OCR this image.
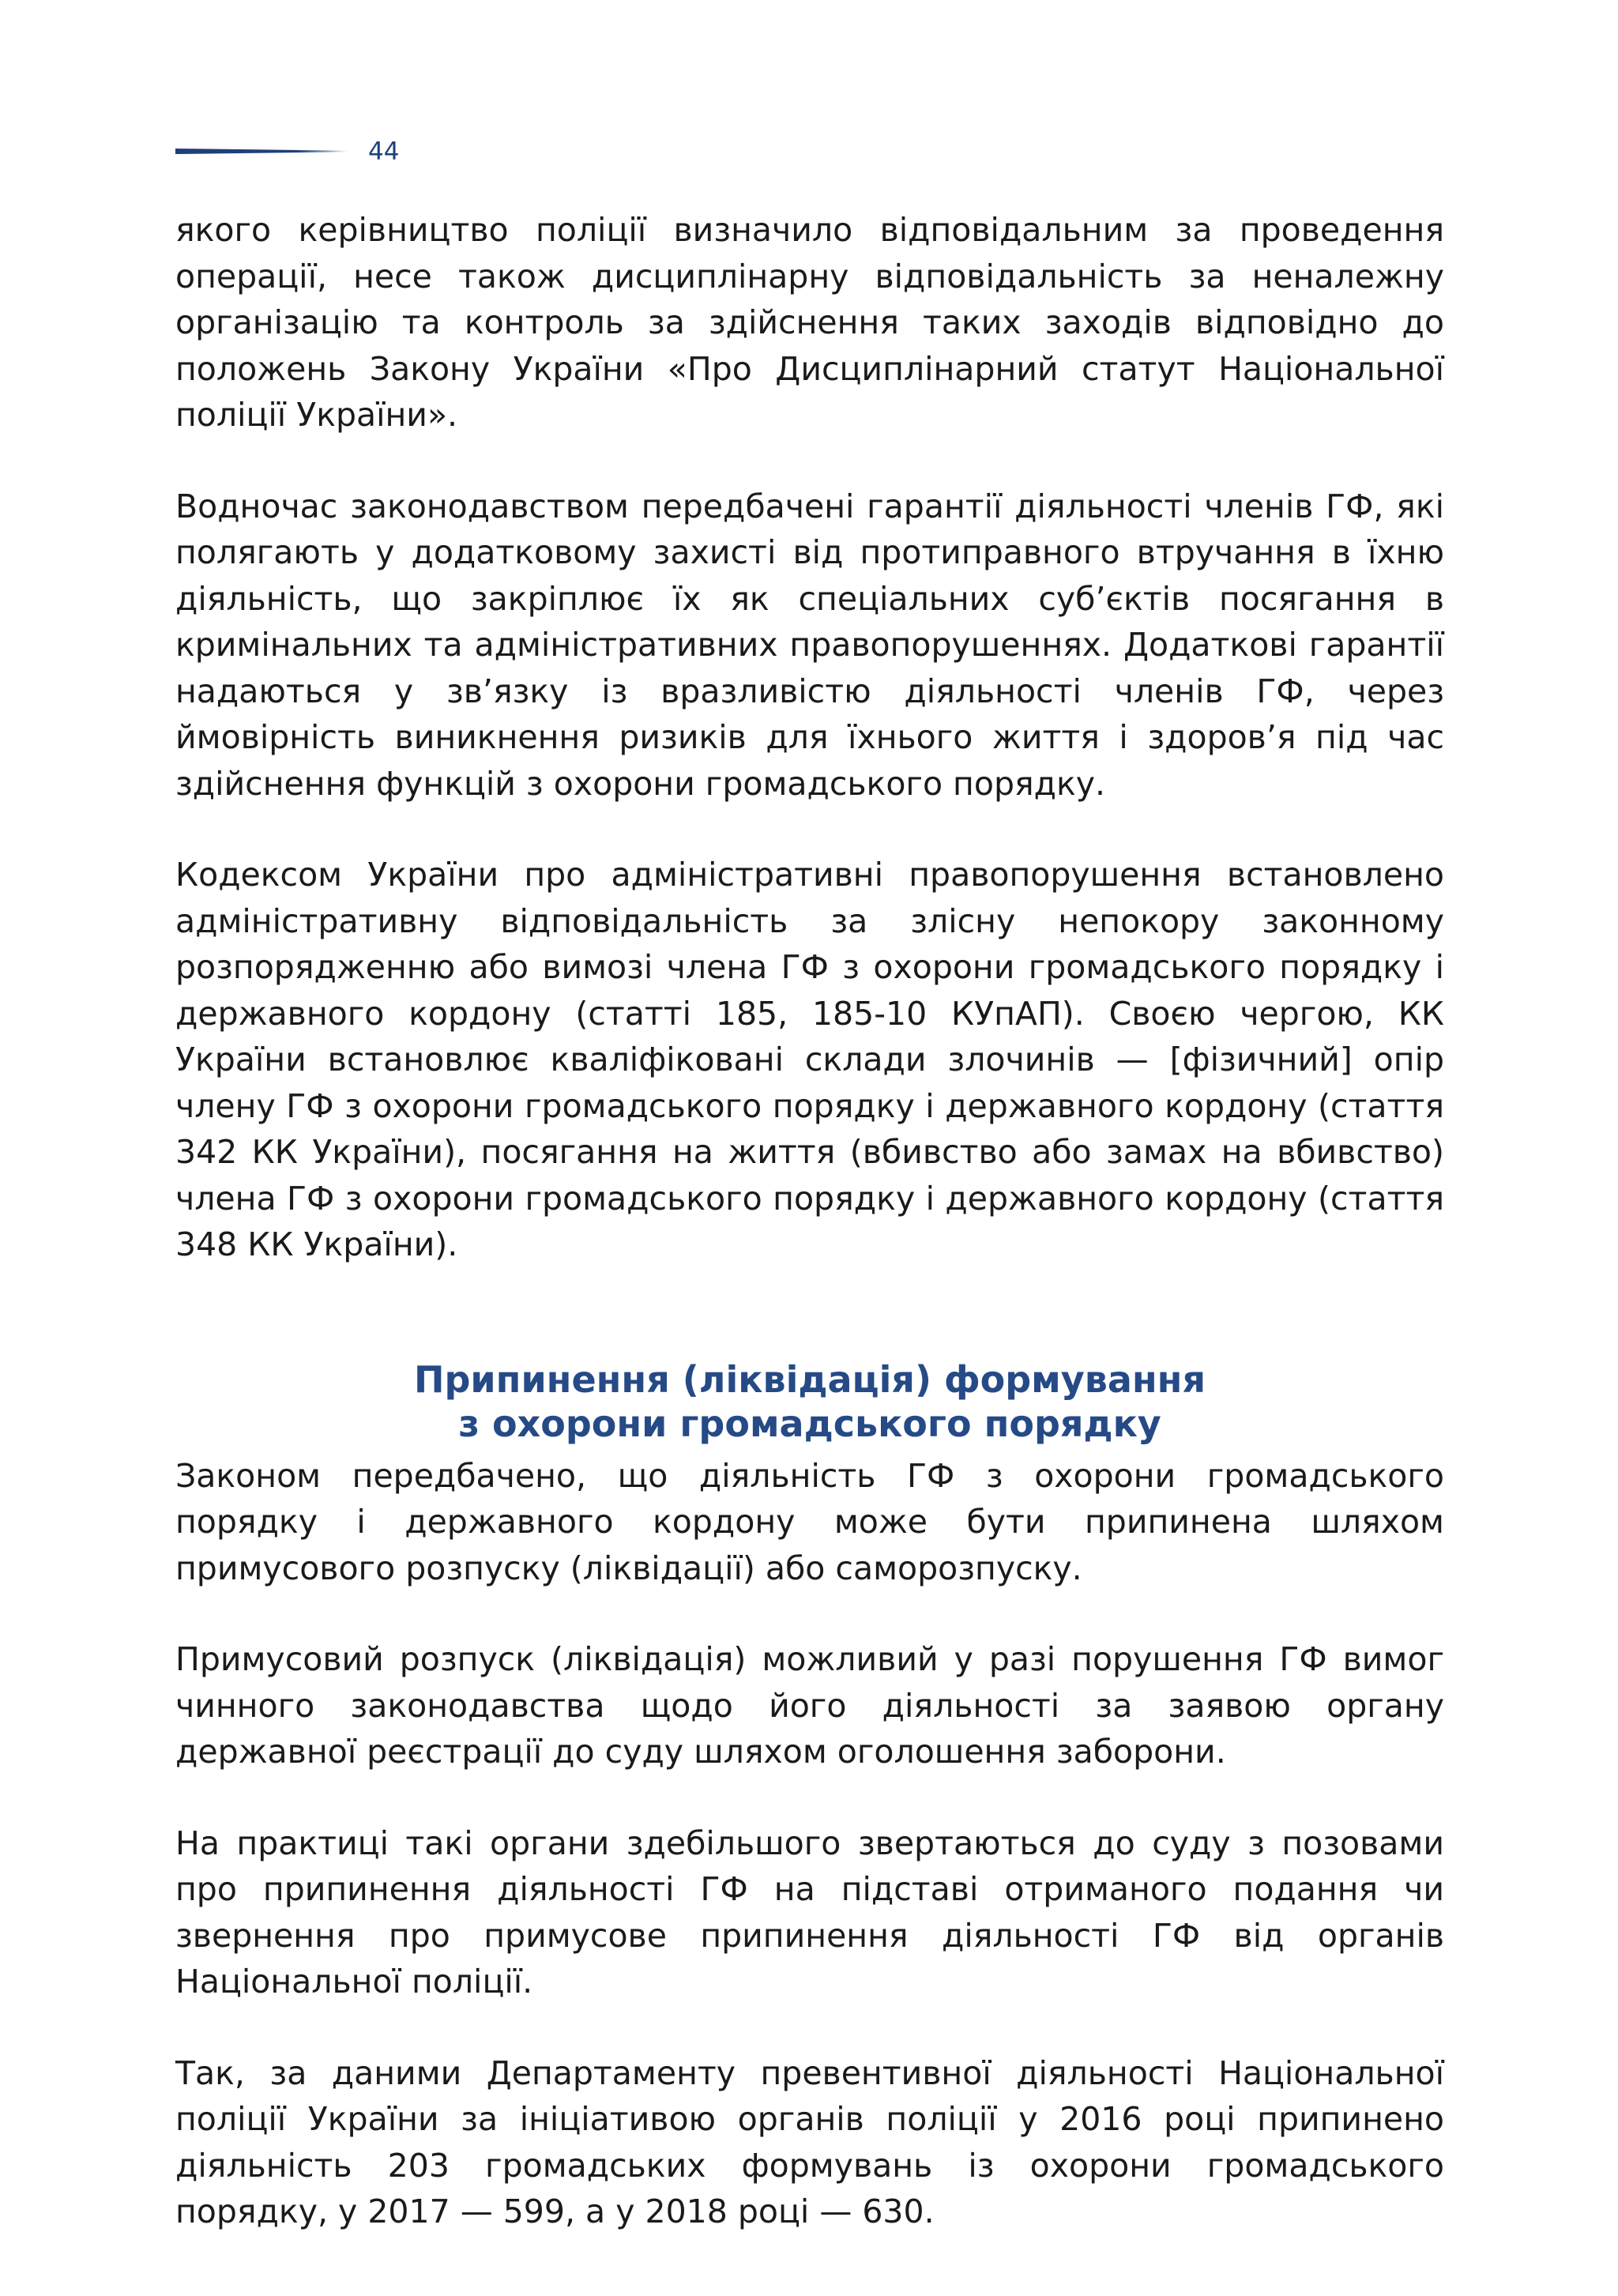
44

якого керівництво поліції визначило відповідальним за проведення операції, несе також дисциплінарну відповідальність за неналежну організацію та контроль за здійснення таких заходів відповідно до положень Закону України «Про Дисциплінарний статут Національної поліції України».

Водночас законодавством передбачені гарантії діяльності членів ГФ, які полягають у додатковому захисті від протиправного втручання в їхню діяльність, що закріплює їх як спеціальних суб’єктів посягання в кримінальних та адміністративних правопорушеннях. Додаткові гарантії надаються у зв’язку із вразливістю діяльності членів ГФ, через ймовірність виникнення ризиків для їхнього життя і здоров’я під час здійснення функцій з охорони громадського порядку.

Кодексом України про адміністративні правопорушення встановлено адміністративну відповідальність за злісну непокору законному розпорядженню або вимозі члена ГФ з охорони громадського порядку і державного кордону (статті 185, 185-10 КУпАП). Своєю чергою, КК України встановлює кваліфіковані склади злочинів — [фізичний] опір члену ГФ з охорони громадського порядку і державного кордону (стаття 342 КК України), посягання на життя (вбивство або замах на вбивство) члена ГФ з охорони громадського порядку і державного кордону (стаття 348 КК України).

Припинення (ліквідація) формування
з охорони громадського порядку

Законом передбачено, що діяльність ГФ з охорони громадського порядку і державного кордону може бути припинена шляхом примусового розпуску (ліквідації) або саморозпуску.

Примусовий розпуск (ліквідація) можливий у разі порушення ГФ вимог чинного законодавства щодо його діяльності за заявою органу державної реєстрації до суду шляхом оголошення заборони.

На практиці такі органи здебільшого звертаються до суду з позовами про припинення діяльності ГФ на підставі отриманого подання чи звернення про примусове припинення діяльності ГФ від органів Національної поліції.

Так, за даними Департаменту превентивної діяльності Національної поліції України за ініціативою органів поліції у 2016 році припинено діяльність 203 громадських формувань із охорони громадського порядку, у 2017 — 599, а у 2018 році — 630.
